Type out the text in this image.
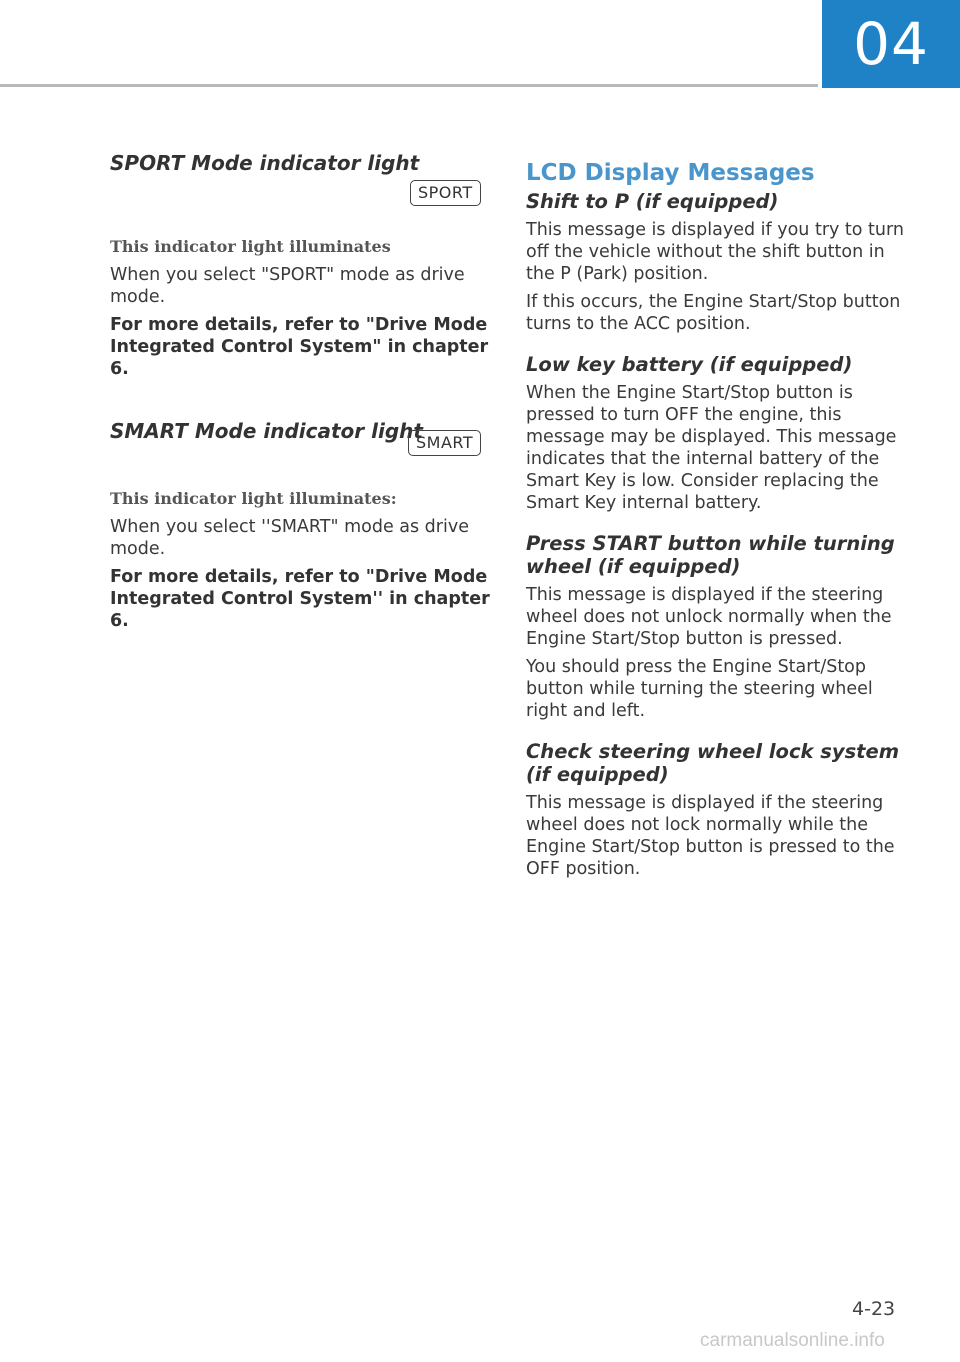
04
SPORT Mode indicator light
SPORT

This indicator light illuminates

When you select "SPORT" mode as drive mode.

For more details, refer to "Drive Mode Integrated Control System" in chapter 6.

SMART Mode indicator light
SMART

This indicator light illuminates:

When you select ''SMART" mode as drive mode.

For more details, refer to "Drive Mode Integrated Control System'' in chapter 6.

LCD Display Messages
Shift to P (if equipped)

This message is displayed if you try to turn off the vehicle without the shift button in the P (Park) position.

If this occurs, the Engine Start/Stop button turns to the ACC position.

Low key battery (if equipped)

When the Engine Start/Stop button is pressed to turn OFF the engine, this message may be displayed. This message indicates that the internal battery of the Smart Key is low. Consider replacing the Smart Key internal battery.

Press START button while turning wheel (if equipped)

This message is displayed if the steering wheel does not unlock normally when the Engine Start/Stop button is pressed.

You should press the Engine Start/Stop button while turning the steering wheel right and left.

Check steering wheel lock system (if equipped)

This message is displayed if the steering wheel does not lock normally while the Engine Start/Stop button is pressed to the OFF position.

4-23
carmanualsonline.info
